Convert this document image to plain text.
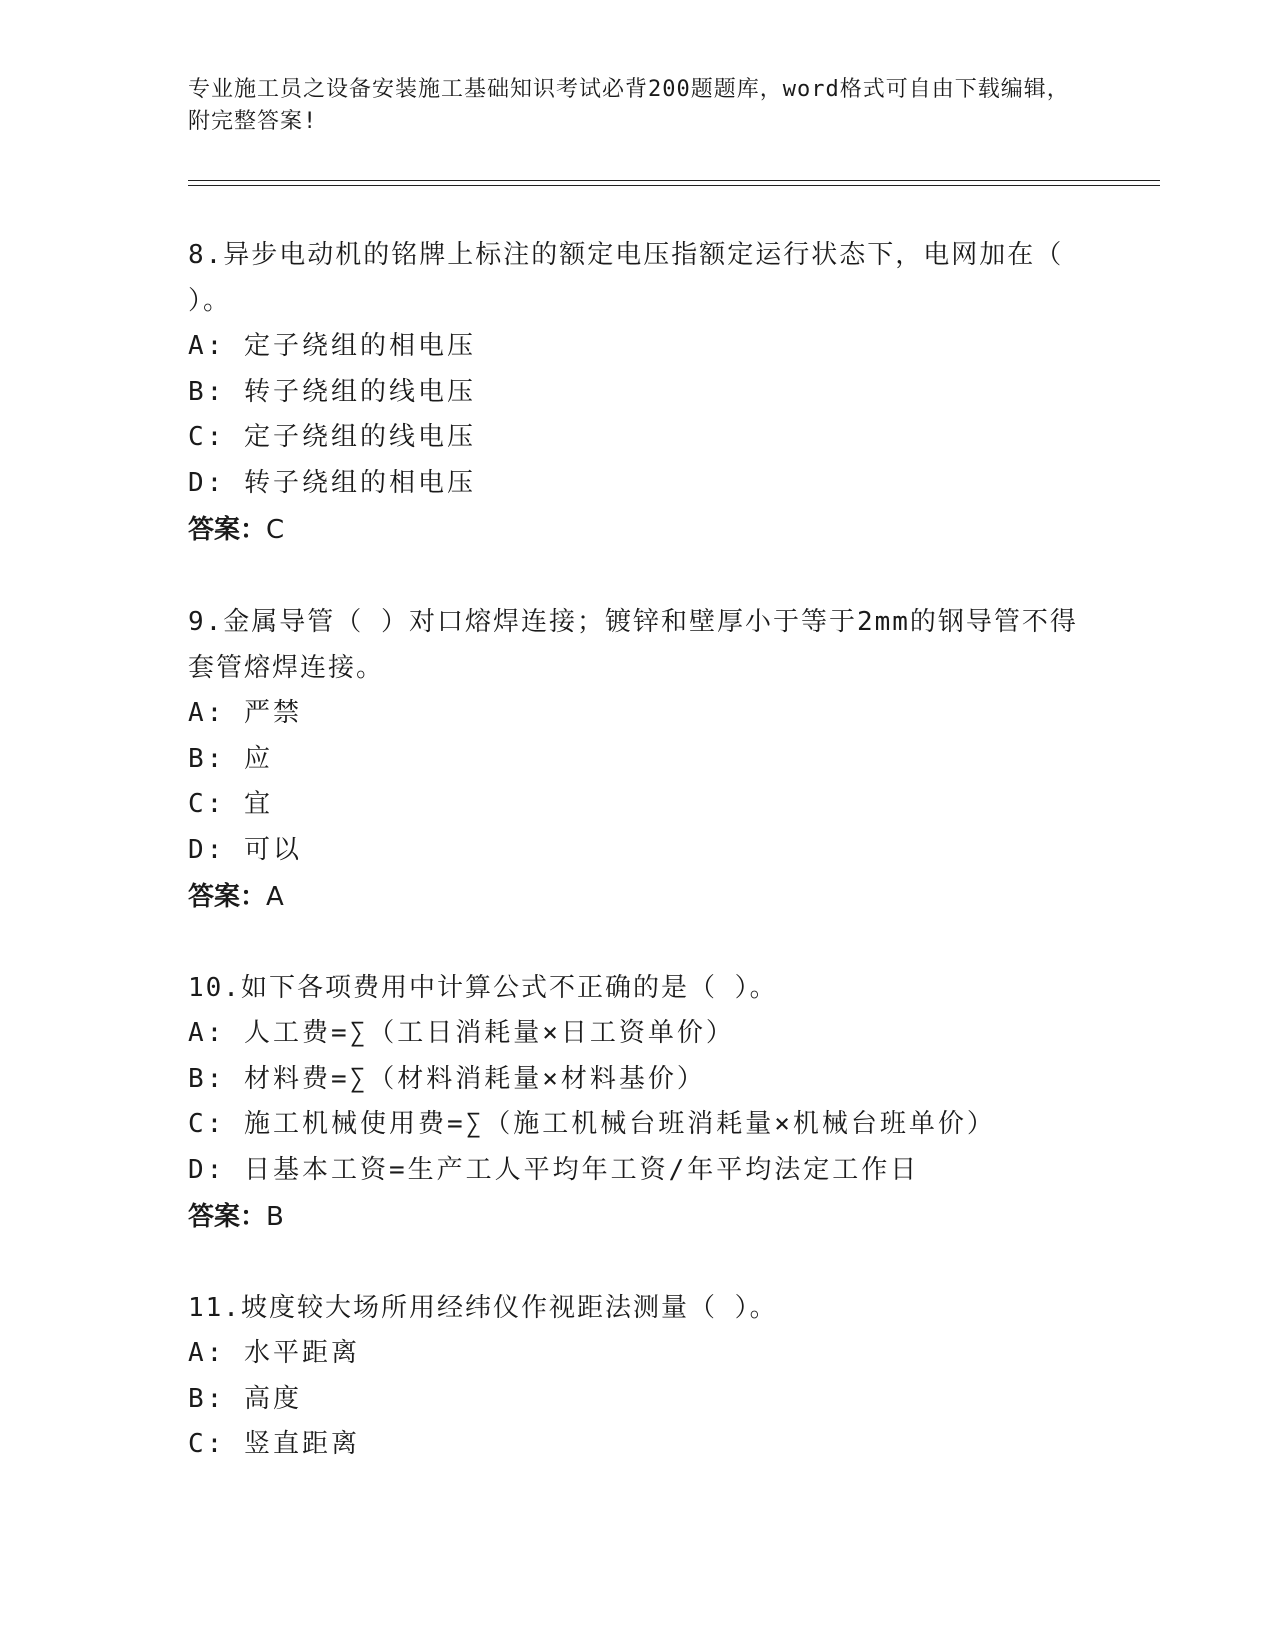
专业施工员之设备安装施工基础知识考试必背200题题库，word格式可自由下载编辑，附完整答案!
8.异步电动机的铭牌上标注的额定电压指额定运行状态下，电网加在（ ）。
A: 定子绕组的相电压
B: 转子绕组的线电压
C: 定子绕组的线电压
D: 转子绕组的相电压
答案：C
9.金属导管（ ）对口熔焊连接；镀锌和壁厚小于等于2mm的钢导管不得套管熔焊连接。
A: 严禁
B: 应
C: 宜
D: 可以
答案：A
10.如下各项费用中计算公式不正确的是（ ）。
A: 人工费=∑（工日消耗量×日工资单价）
B: 材料费=∑（材料消耗量×材料基价）
C: 施工机械使用费=∑（施工机械台班消耗量×机械台班单价）
D: 日基本工资=生产工人平均年工资/年平均法定工作日
答案：B
11.坡度较大场所用经纬仪作视距法测量（ ）。
A: 水平距离
B: 高度
C: 竖直距离
